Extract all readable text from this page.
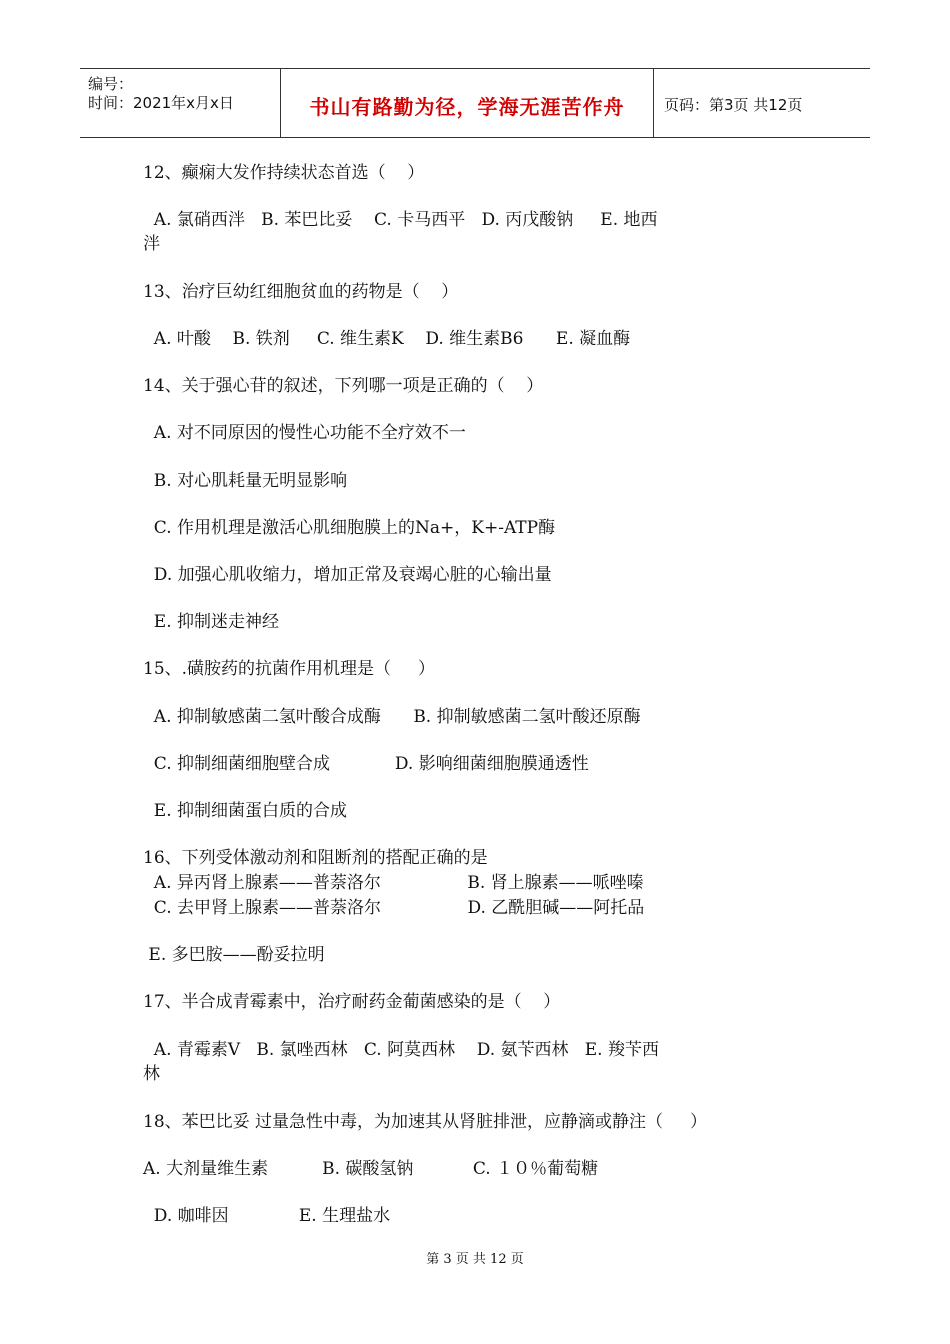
编号：
时间：2021年x月x日	书山有路勤为径，学海无涯苦作舟	页码：第3页 共12页
12、癫痫大发作持续状态首选（    ）
A. 氯硝西泮   B. 苯巴比妥    C. 卡马西平   D. 丙戊酸钠     E. 地西
泮
13、治疗巨幼红细胞贫血的药物是（    ）
A. 叶酸    B. 铁剂     C. 维生素K    D. 维生素B6      E. 凝血酶
14、关于强心苷的叙述，下列哪一项是正确的（    ）
A. 对不同原因的慢性心功能不全疗效不一
B. 对心肌耗量无明显影响
C. 作用机理是激活心肌细胞膜上的Na+，K+-ATP酶
D. 加强心肌收缩力，增加正常及衰竭心脏的心输出量
E. 抑制迷走神经
15、.磺胺药的抗菌作用机理是（     ）
A. 抑制敏感菌二氢叶酸合成酶      B. 抑制敏感菌二氢叶酸还原酶
C. 抑制细菌细胞壁合成            D. 影响细菌细胞膜通透性
E. 抑制细菌蛋白质的合成
16、下列受体激动剂和阻断剂的搭配正确的是
A. 异丙肾上腺素——普萘洛尔                B. 肾上腺素——哌唑嗪
C. 去甲肾上腺素——普萘洛尔                D. 乙酰胆碱——阿托品
E. 多巴胺——酚妥拉明
17、半合成青霉素中，治疗耐药金葡菌感染的是（    ）
A. 青霉素V   B. 氯唑西林   C. 阿莫西林    D. 氨苄西林   E. 羧苄西
林
18、苯巴比妥 过量急性中毒，为加速其从肾脏排泄，应静滴或静注（     ）
A. 大剂量维生素          B. 碳酸氢钠           C. １０％葡萄糖
D. 咖啡因             E. 生理盐水
第 3 页 共 12 页
